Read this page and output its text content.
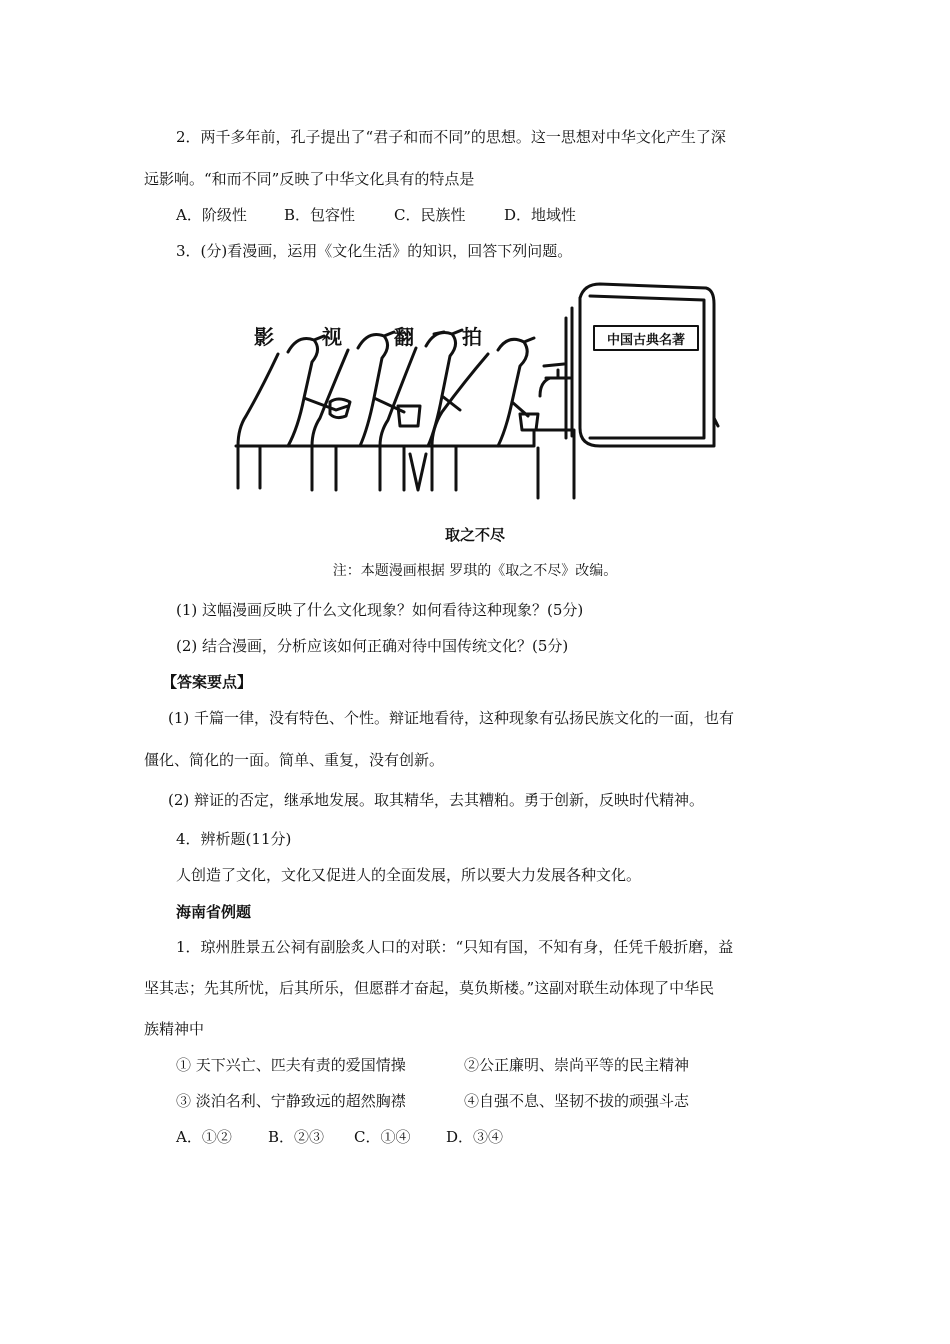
2．两千多年前，孔子提出了“君子和而不同”的思想。这一思想对中华文化产生了深
远影响。“和而不同”反映了中华文化具有的特点是
A．阶级性 B．包容性	C．民族性	D．地域性
3．(分)看漫画，运用《文化生活》的知识，回答下列问题。
中国古典名著
影 视	翻 拍
取之不尽
注：本题漫画根据 罗琪的《取之不尽》改编。
(1) 这幅漫画反映了什么文化现象？如何看待这种现象？(5分)
(2) 结合漫画，分析应该如何正确对待中国传统文化？(5分)
【答案要点】
(1) 千篇一律，没有特色、个性。辩证地看待，这种现象有弘扬民族文化的一面，也有
僵化、简化的一面。简单、重复，没有创新。
(2) 辩证的否定，继承地发展。取其精华，去其糟粕。勇于创新，反映时代精神。
4．辨析题(11分)
人创造了文化，文化又促进人的全面发展，所以要大力发展各种文化。
海南省例题
1．琼州胜景五公祠有副脍炙人口的对联：“只知有国，不知有身，任凭千般折磨，益
坚其志；先其所忧，后其所乐，但愿群才奋起，莫负斯楼。”这副对联生动体现了中华民
族精神中
① 天下兴亡、匹夫有责的爱国情操	②公正廉明、崇尚平等的民主精神
③ 淡泊名利、宁静致远的超然胸襟	④自强不息、坚韧不拔的顽强斗志
A．①② B．②③ C．①④ D．③④
